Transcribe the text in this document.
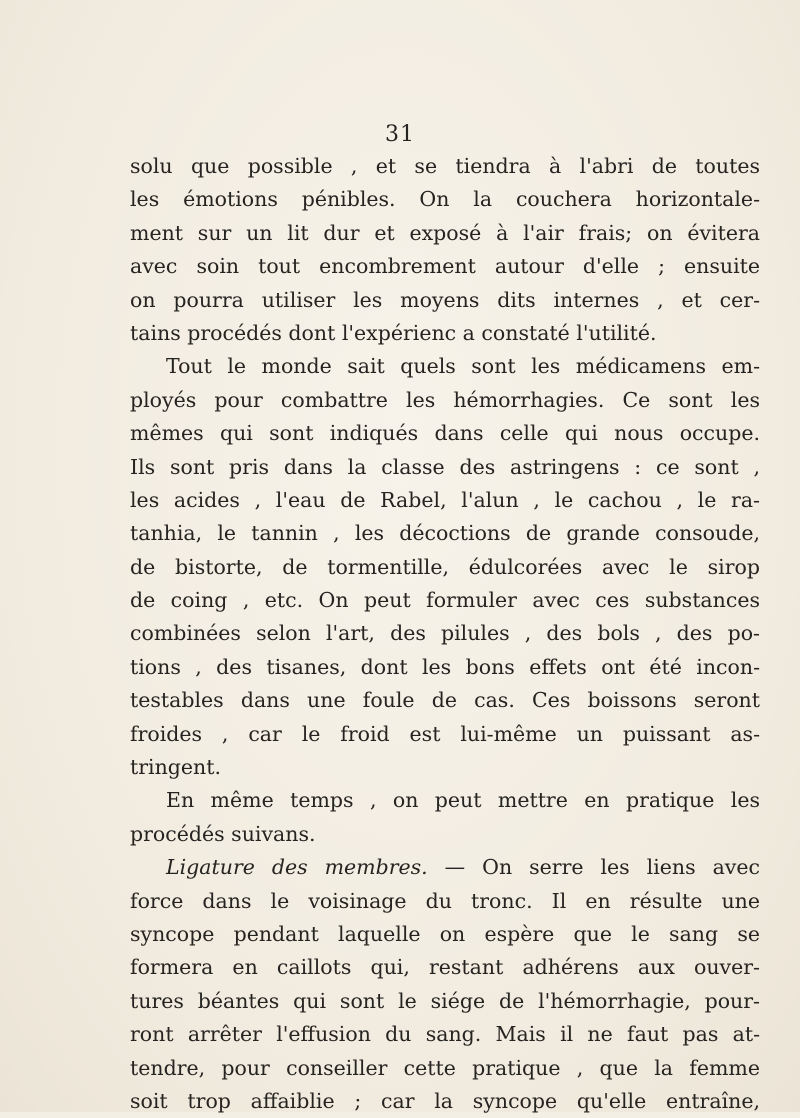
31
solu que possible , et se tiendra à l'abri de toutes
les émotions pénibles. On la couchera horizontale-
ment sur un lit dur et exposé à l'air frais; on évitera
avec soin tout encombrement autour d'elle ; ensuite
on pourra utiliser les moyens dits internes , et cer-
tains procédés dont l'expérienc a constaté l'utilité.
Tout le monde sait quels sont les médicamens em-
ployés pour combattre les hémorrhagies. Ce sont les
mêmes qui sont indiqués dans celle qui nous occupe.
Ils sont pris dans la classe des astringens : ce sont ,
les acides , l'eau de Rabel, l'alun , le cachou , le ra-
tanhia, le tannin , les décoctions de grande consoude,
de bistorte, de tormentille, édulcorées avec le sirop
de coing , etc. On peut formuler avec ces substances
combinées selon l'art, des pilules , des bols , des po-
tions , des tisanes, dont les bons effets ont été incon-
testables dans une foule de cas. Ces boissons seront
froides , car le froid est lui-même un puissant as-
tringent.
En même temps , on peut mettre en pratique les
procédés suivans.
Ligature des membres. — On serre les liens avec
force dans le voisinage du tronc. Il en résulte une
syncope pendant laquelle on espère que le sang se
formera en caillots qui, restant adhérens aux ouver-
tures béantes qui sont le siége de l'hémorrhagie, pour-
ront arrêter l'effusion du sang. Mais il ne faut pas at-
tendre, pour conseiller cette pratique , que la femme
soit trop affaiblie ; car la syncope qu'elle entraîne,
